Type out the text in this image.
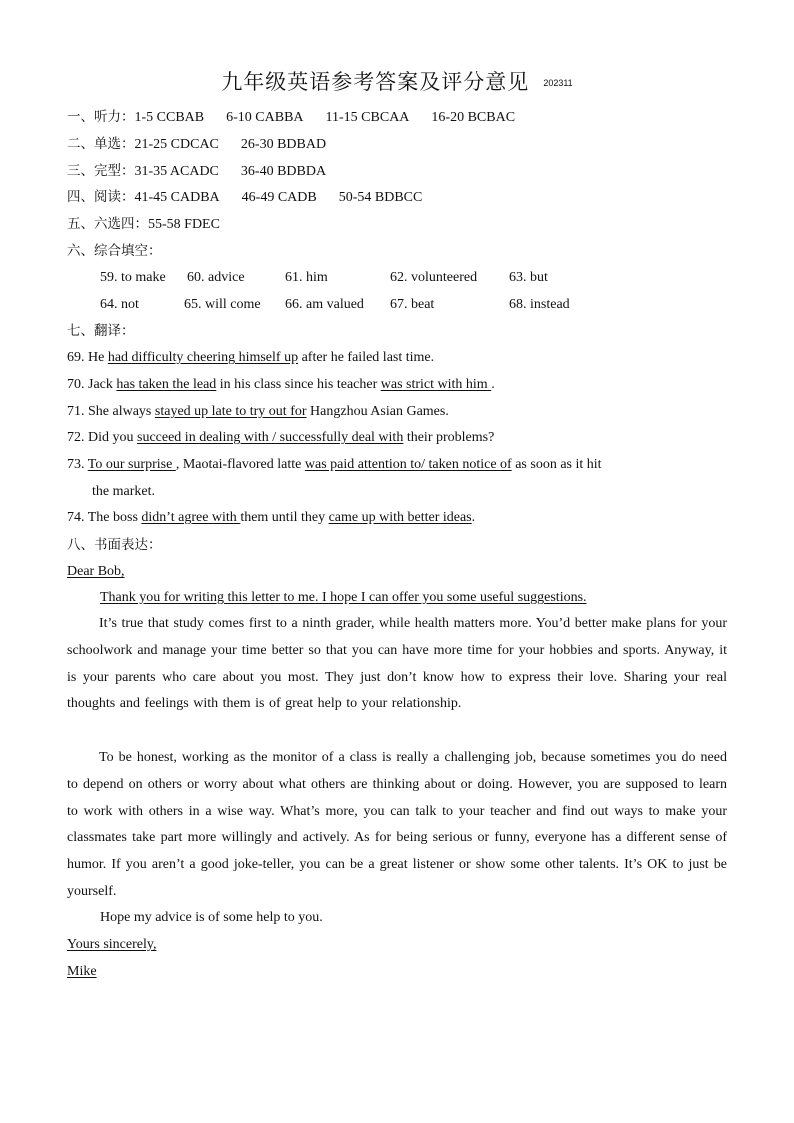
九年级英语参考答案及评分意见 202311
一、听力：1-5 CCBAB 6-10 CABBA 11-15 CBCAA 16-20 BCBAC
二、单选：21-25 CDCAC 26-30 BDBAD
三、完型：31-35 ACADC 36-40 BDBDA
四、阅读：41-45 CADBA 46-49 CADB 50-54 BDBCC
五、六选四：55-58 FDEC
六、综合填空：
59. to make 60. advice	61. him	62. volunteered 63. but
64. not	65. will come 66. am valued 67. beat	68. instead
七、翻译：
69. He had difficulty cheering himself up after he failed last time.
70. Jack has taken the lead in his class since his teacher was strict with him .
71. She always stayed up late to try out for Hangzhou Asian Games.
72. Did you succeed in dealing with / successfully deal with their problems?
73. To our surprise , Maotai-flavored latte was paid attention to/ taken notice of as soon as it hit
the market.
74. The boss didn’t agree with them until they came up with better ideas.
八、书面表达：
Dear Bob,
Thank you for writing this letter to me. I hope I can offer you some useful suggestions.
It’s true that study comes first to a ninth grader, while health matters more. You’d better make plans for your schoolwork and manage your time better so that you can have more time for your hobbies and sports. Anyway, it is your parents who care about you most. They just don’t know how to express their love. Sharing your real thoughts and feelings with them is of great help to your relationship.
To be honest, working as the monitor of a class is really a challenging job, because sometimes you do need to depend on others or worry about what others are thinking about or doing. However, you are supposed to learn to work with others in a wise way. What’s more, you can talk to your teacher and find out ways to make your classmates take part more willingly and actively. As for being serious or funny, everyone has a different sense of humor. If you aren’t a good joke-teller, you can be a great listener or show some other talents. It’s OK to just be yourself.
Hope my advice is of some help to you.
Yours sincerely,
Mike
